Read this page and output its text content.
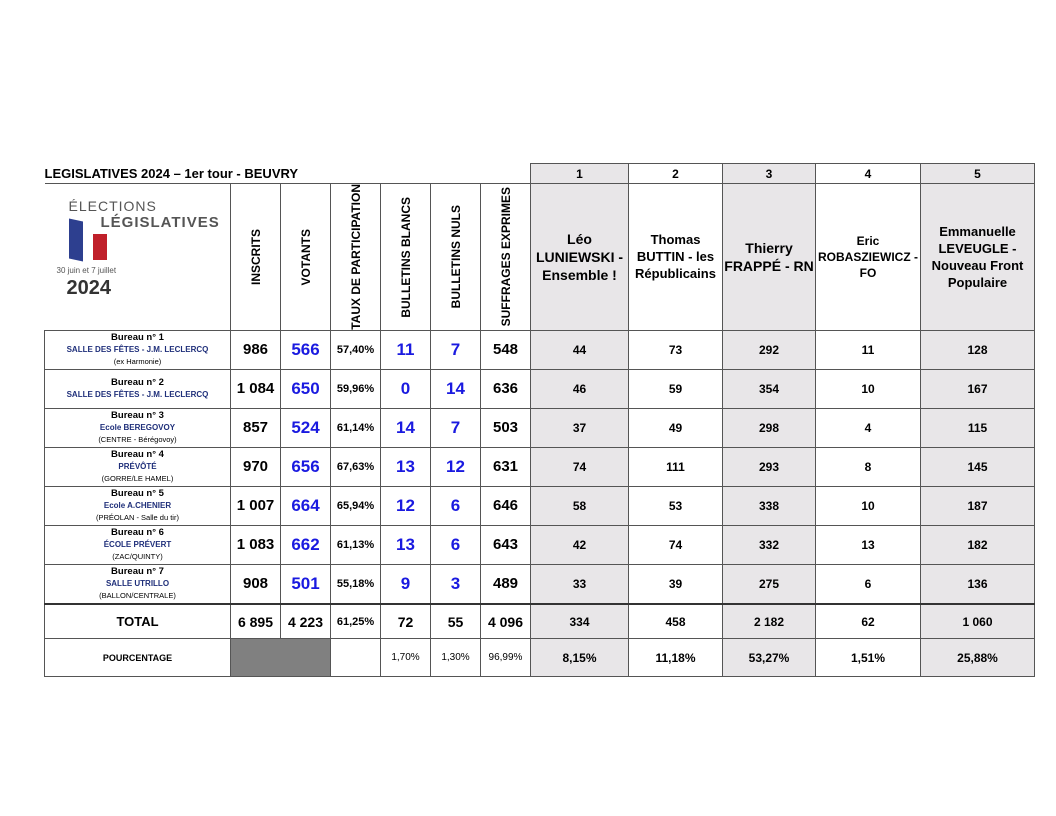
LEGISLATIVES 2024 – 1er tour - BEUVRY							1	2	3	4	5

ÉLECTIONS
LÉGISLATIVES
30 juin et 7 juillet
2024	INSCRITS	VOTANTS	TAUX DE PARTICIPATION	BULLETINS BLANCS	BULLETINS NULS	SUFFRAGES EXPRIMES	Léo LUNIEWSKI - Ensemble !	Thomas BUTTIN - les Républicains	Thierry FRAPPÉ - RN	Eric ROBASZIEWICZ - FO	Emmanuelle LEVEUGLE - Nouveau Front Populaire

Bureau n° 1
SALLE DES FÊTES - J.M. LECLERCQ
(ex Harmonie)	986	566	57,40%	11	7	548	44	73	292	11	128

Bureau n° 2
SALLE DES FÊTES - J.M. LECLERCQ	1 084	650	59,96%	0	14	636	46	59	354	10	167

Bureau n° 3
Ecole BEREGOVOY
(CENTRE - Bérégovoy)	857	524	61,14%	14	7	503	37	49	298	4	115

Bureau n° 4
PRÉVÔTÉ
(GORRE/LE HAMEL)	970	656	67,63%	13	12	631	74	111	293	8	145

Bureau n° 5
Ecole A.CHENIER
(PRÉOLAN - Salle du tir)	1 007	664	65,94%	12	6	646	58	53	338	10	187

Bureau n° 6
ÉCOLE PRÉVERT
(ZAC/QUINTY)	1 083	662	61,13%	13	6	643	42	74	332	13	182

Bureau n° 7
SALLE UTRILLO
(BALLON/CENTRALE)	908	501	55,18%	9	3	489	33	39	275	6	136
TOTAL	6 895	4 223	61,25%	72	55	4 096	334	458	2 182	62	1 060
POURCENTAGE				1,70%	1,30%	96,99%	8,15%	11,18%	53,27%	1,51%	25,88%
